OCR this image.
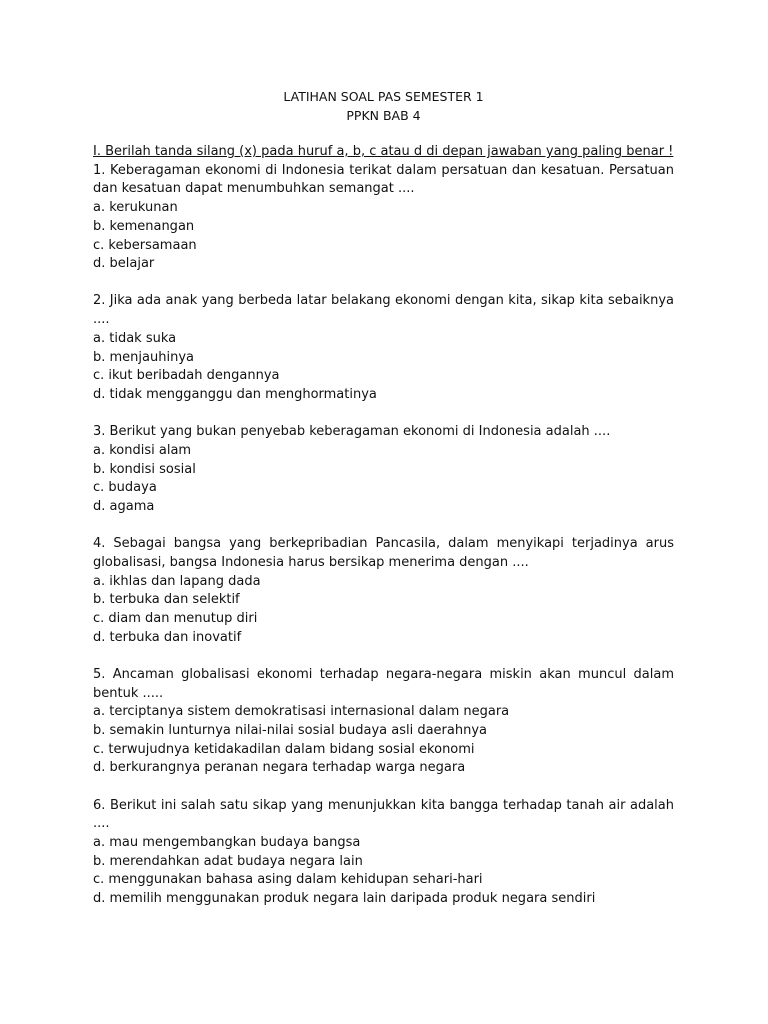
LATIHAN SOAL PAS SEMESTER 1
PPKN BAB 4
I. Berilah tanda silang (x) pada huruf a, b, c atau d di depan jawaban yang paling benar !
1. Keberagaman ekonomi di Indonesia terikat dalam persatuan dan kesatuan. Persatuan dan kesatuan dapat menumbuhkan semangat ....
a. kerukunan
b. kemenangan
c. kebersamaan
d. belajar
2. Jika ada anak yang berbeda latar belakang ekonomi dengan kita, sikap kita sebaiknya ....
a. tidak suka
b. menjauhinya
c. ikut beribadah dengannya
d. tidak mengganggu dan menghormatinya
3. Berikut yang bukan penyebab keberagaman ekonomi di Indonesia adalah ....
a. kondisi alam
b. kondisi sosial
c. budaya
d. agama
4. Sebagai bangsa yang berkepribadian Pancasila, dalam menyikapi terjadinya arus globalisasi, bangsa Indonesia harus bersikap menerima dengan ....
a. ikhlas dan lapang dada
b. terbuka dan selektif
c. diam dan menutup diri
d. terbuka dan inovatif
5. Ancaman globalisasi ekonomi terhadap negara-negara miskin akan muncul dalam bentuk .....
a. terciptanya sistem demokratisasi internasional dalam negara
b. semakin lunturnya nilai-nilai sosial budaya asli daerahnya
c. terwujudnya ketidakadilan dalam bidang sosial ekonomi
d. berkurangnya peranan negara terhadap warga negara
6. Berikut ini salah satu sikap yang menunjukkan kita bangga terhadap tanah air adalah ....
a. mau mengembangkan budaya bangsa
b. merendahkan adat budaya negara lain
c. menggunakan bahasa asing dalam kehidupan sehari-hari
d. memilih menggunakan produk negara lain daripada produk negara sendiri
